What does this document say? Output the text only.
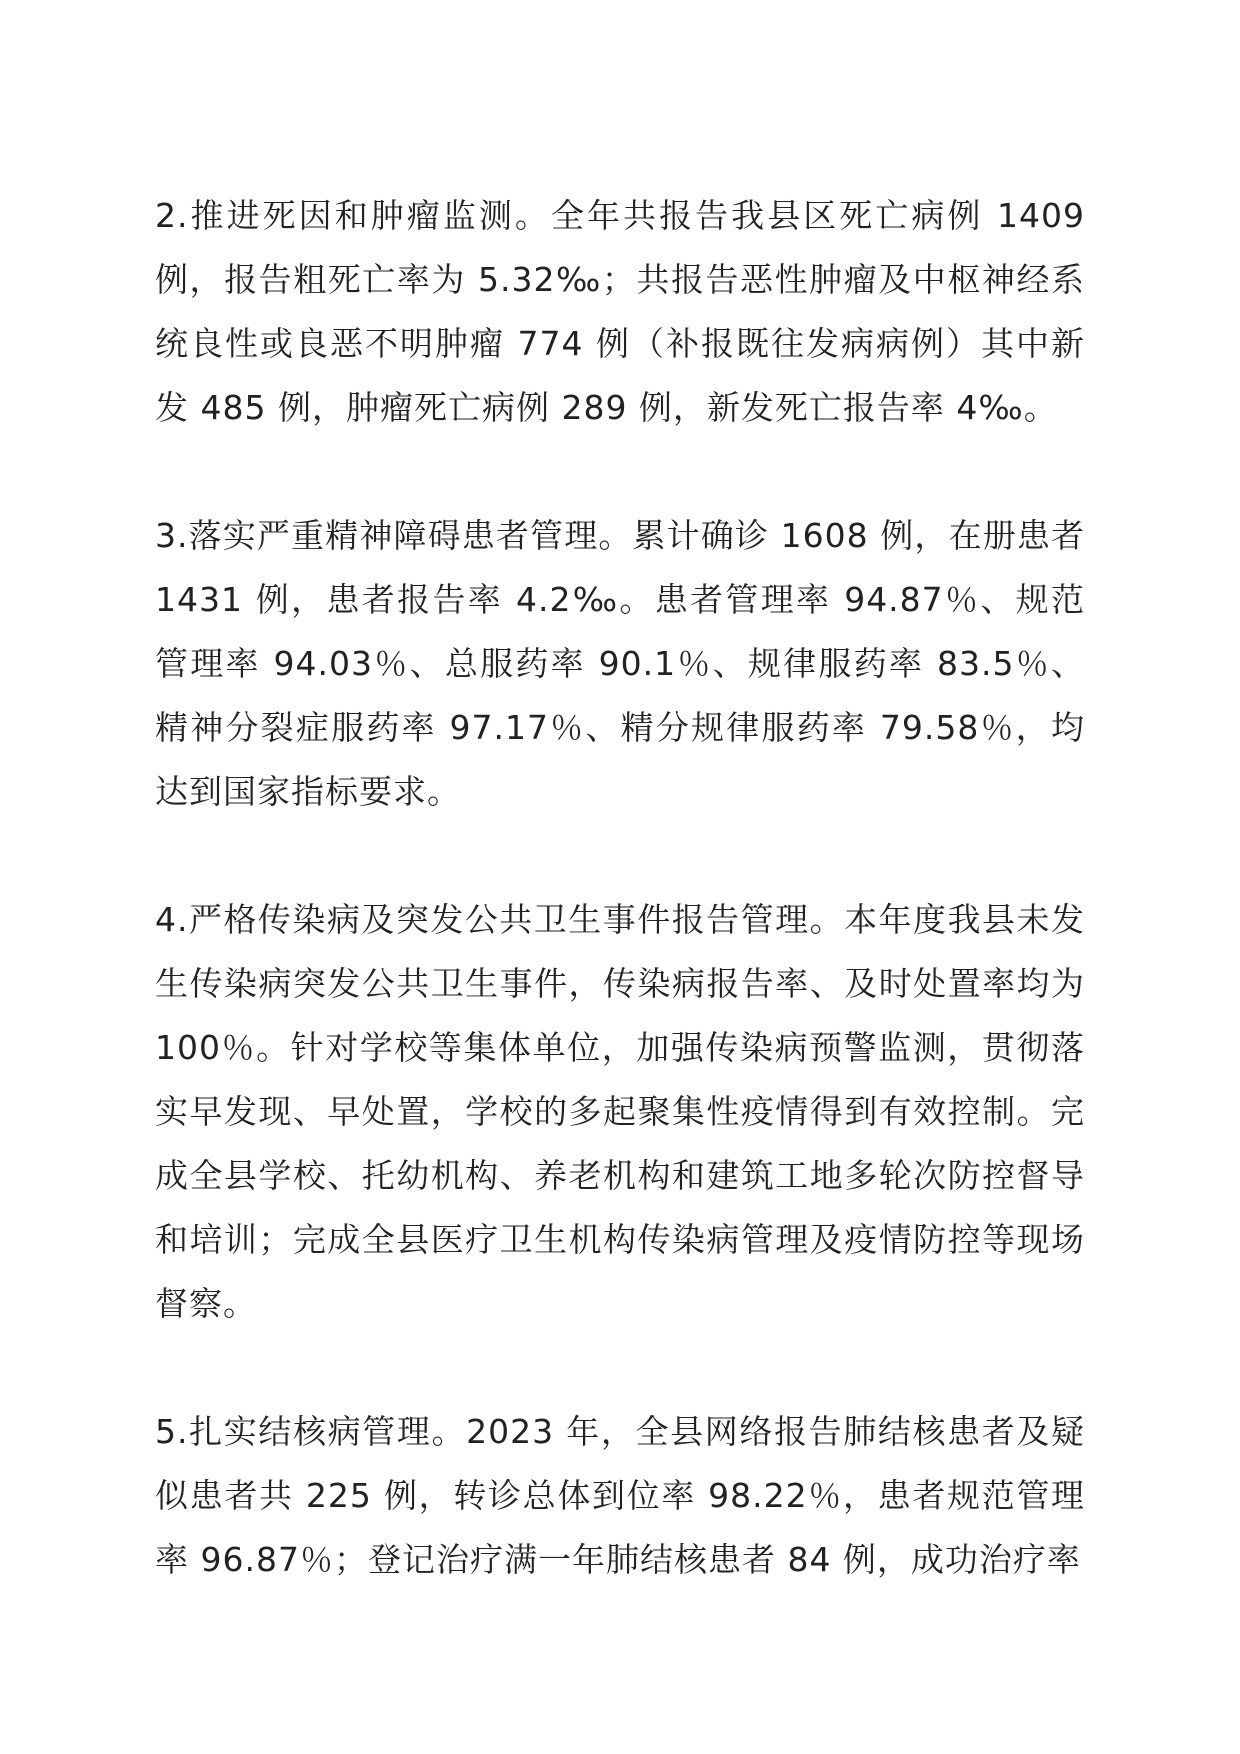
2.推进死因和肿瘤监测。全年共报告我县区死亡病例 1409 例，报告粗死亡率为 5.32‰；共报告恶性肿瘤及中枢神经系统良性或良恶不明肿瘤 774 例（补报既往发病病例）其中新发 485 例，肿瘤死亡病例 289 例，新发死亡报告率 4‰。

3.落实严重精神障碍患者管理。累计确诊 1608 例，在册患者 1431 例，患者报告率 4.2‰。患者管理率 94.87％、规范管理率 94.03％、总服药率 90.1％、规律服药率 83.5％、精神分裂症服药率 97.17％、精分规律服药率 79.58％，均达到国家指标要求。

4.严格传染病及突发公共卫生事件报告管理。本年度我县未发生传染病突发公共卫生事件，传染病报告率、及时处置率均为 100％。针对学校等集体单位，加强传染病预警监测，贯彻落实早发现、早处置，学校的多起聚集性疫情得到有效控制。完成全县学校、托幼机构、养老机构和建筑工地多轮次防控督导和培训；完成全县医疗卫生机构传染病管理及疫情防控等现场督察。

5.扎实结核病管理。2023 年，全县网络报告肺结核患者及疑似患者共 225 例，转诊总体到位率 98.22％，患者规范管理率 96.87％；登记治疗满一年肺结核患者 84 例，成功治疗率
